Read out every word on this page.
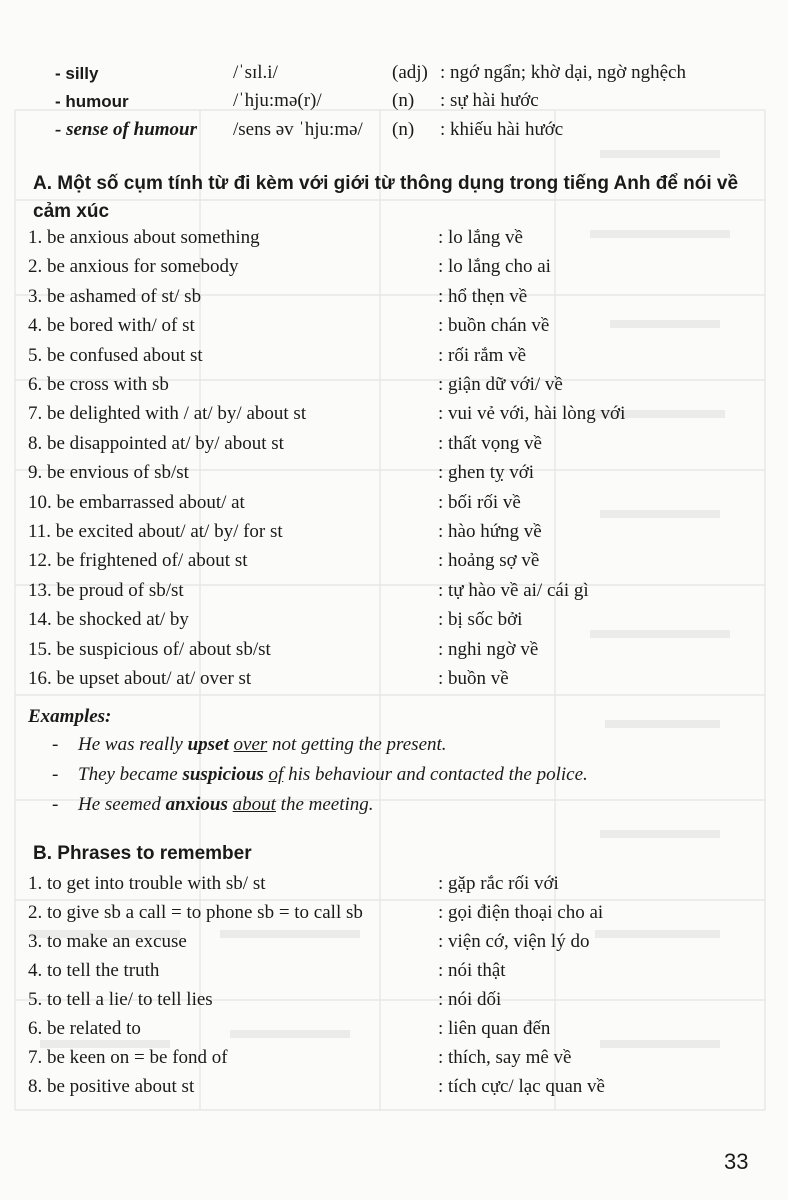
- silly	/ˈsɪl.i/	(adj) : ngớ ngẩn; khờ dại, ngờ nghệch
- humour	/ˈhju:mə(r)/	(n) : sự hài hước
- sense of humour /sens əv ˈhju:mə/ (n) : khiếu hài hước
A. Một số cụm tính từ đi kèm với giới từ thông dụng trong tiếng Anh để nói về cảm xúc
1. be anxious about something	: lo lắng về
2. be anxious for somebody	: lo lắng cho ai
3. be ashamed of st/ sb	: hổ thẹn về
4. be bored with/ of st	: buồn chán về
5. be confused about st	: rối rắm về
6. be cross with sb	: giận dữ với/ về
7. be delighted with / at/ by/ about st	: vui vẻ với, hài lòng với
8. be disappointed at/ by/ about st	: thất vọng về
9. be envious of sb/st	: ghen tỵ với
10. be embarrassed about/ at	: bối rối về
11. be excited about/ at/ by/ for st	: hào hứng về
12. be frightened of/ about st	: hoảng sợ về
13. be proud of sb/st	: tự hào về ai/ cái gì
14. be shocked at/ by	: bị sốc bởi
15. be suspicious of/ about sb/st	: nghi ngờ về
16. be upset about/ at/ over st	: buồn về
Examples:
- He was really upset over not getting the present.
- They became suspicious of his behaviour and contacted the police.
- He seemed anxious about the meeting.
B. Phrases to remember
1. to get into trouble with sb/ st	: gặp rắc rối với
2. to give sb a call = to phone sb = to call sb	: gọi điện thoại cho ai
3. to make an excuse	: viện cớ, viện lý do
4. to tell the truth	: nói thật
5. to tell a lie/ to tell lies	: nói dối
6. be related to	: liên quan đến
7. be keen on = be fond of	: thích, say mê về
8. be positive about st	: tích cực/ lạc quan về
33
